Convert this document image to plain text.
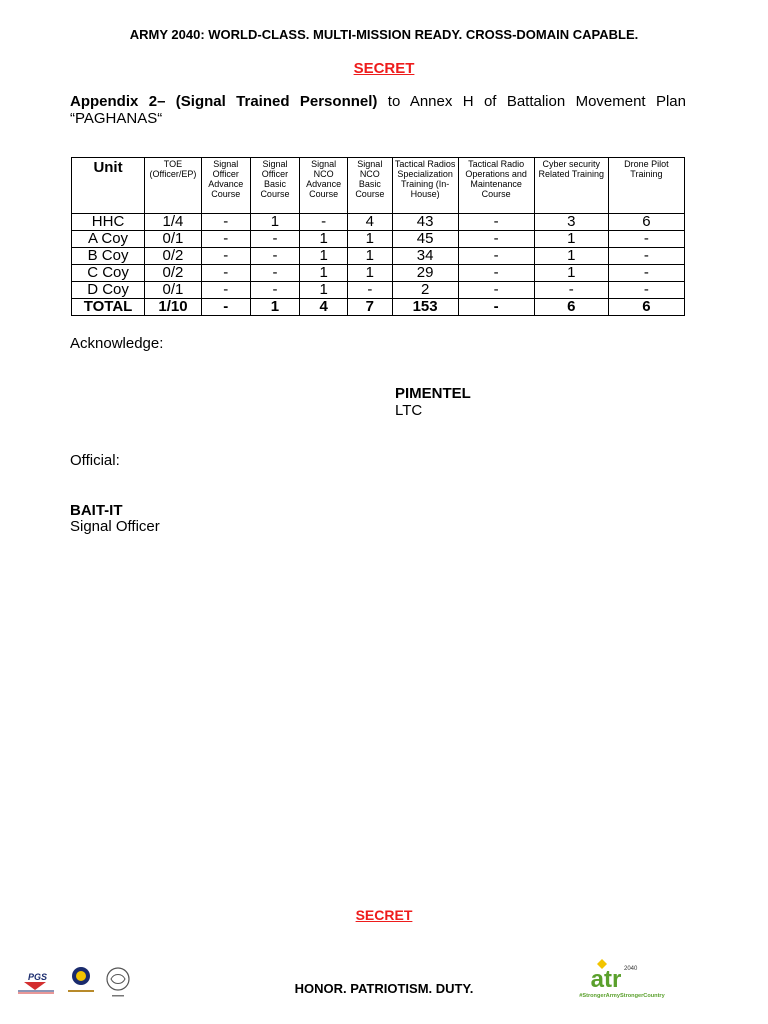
ARMY 2040: WORLD-CLASS. MULTI-MISSION READY. CROSS-DOMAIN CAPABLE.
SECRET
Appendix 2– (Signal Trained Personnel) to Annex H of Battalion Movement Plan “PAGHANAS“
Unit	TOE (Officer/EP)	Signal Officer Advance Course	Signal Officer Basic Course	Signal NCO Advance Course	Signal NCO Basic Course	Tactical Radios Specialization Training (In-House)	Tactical Radio Operations and Maintenance Course	Cyber security Related Training	Drone Pilot Training
HHC	1/4	-	1	-	4	43	-	3	6
A Coy	0/1	-	-	1	1	45	-	1	-
B Coy	0/2	-	-	1	1	34	-	1	-
C Coy	0/2	-	-	1	1	29	-	1	-
D Coy	0/1	-	-	1	-	2	-	-	-
TOTAL	1/10	-	1	4	7	153	-	6	6
Acknowledge:
PIMENTEL
LTC
Official:
BAIT-IT
Signal Officer
SECRET
PGS
HONOR. PATRIOTISM. DUTY.	atr 2040
#StrongerArmyStrongerCountry
